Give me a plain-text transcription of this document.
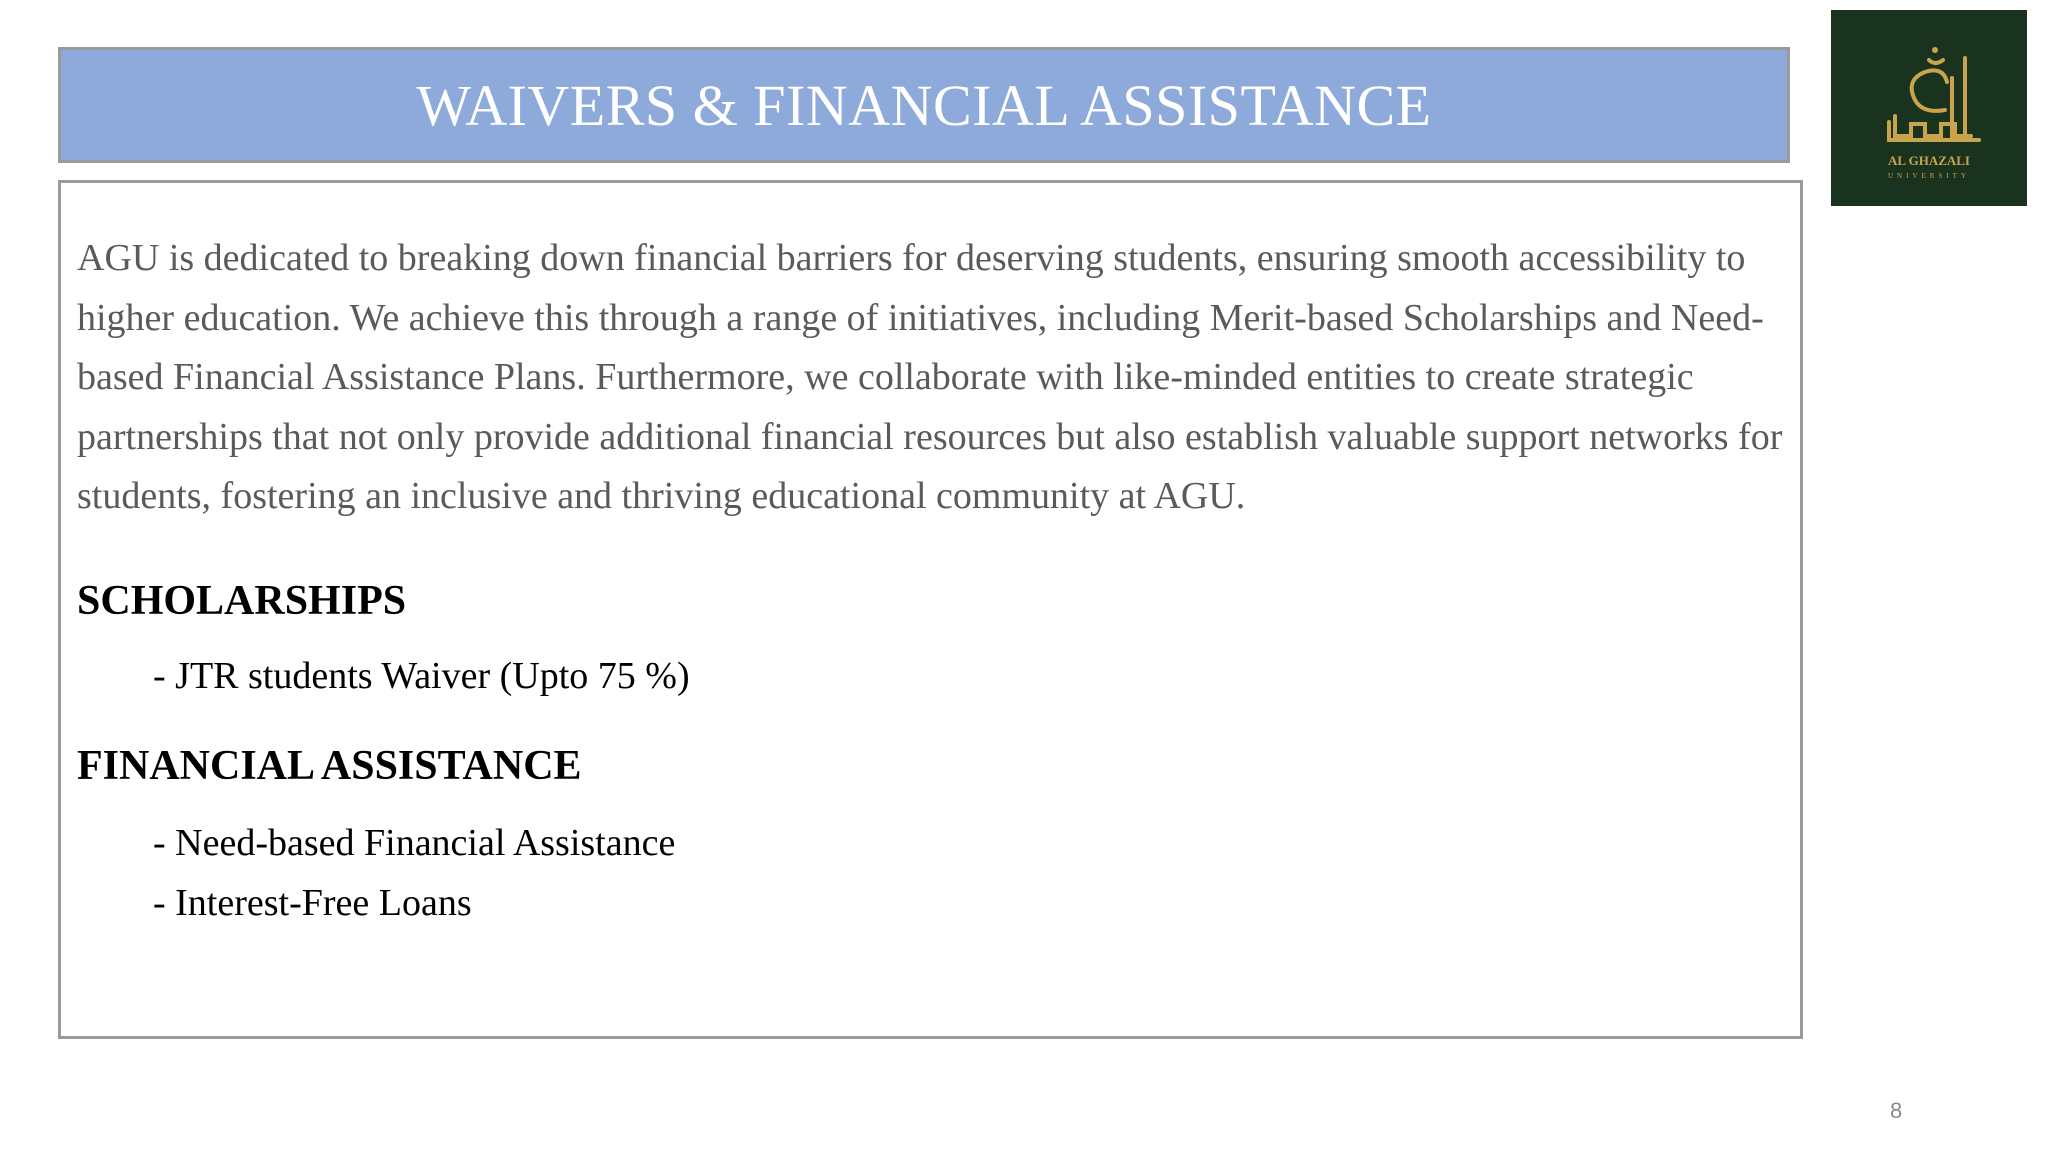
WAIVERS & FINANCIAL ASSISTANCE
AL GHAZALI
UNIVERSITY

AGU is dedicated to breaking down financial barriers for deserving students, ensuring smooth accessibility to higher education. We achieve this through a range of initiatives, including Merit-based Scholarships and Need-based Financial Assistance Plans. Furthermore, we collaborate with like-minded entities to create strategic partnerships that not only provide additional financial resources but also establish valuable support networks for students, fostering an inclusive and thriving educational community at AGU.

SCHOLARSHIPS
- JTR students Waiver (Upto 75 %)
FINANCIAL ASSISTANCE
- Need-based Financial Assistance
- Interest-Free Loans
8
